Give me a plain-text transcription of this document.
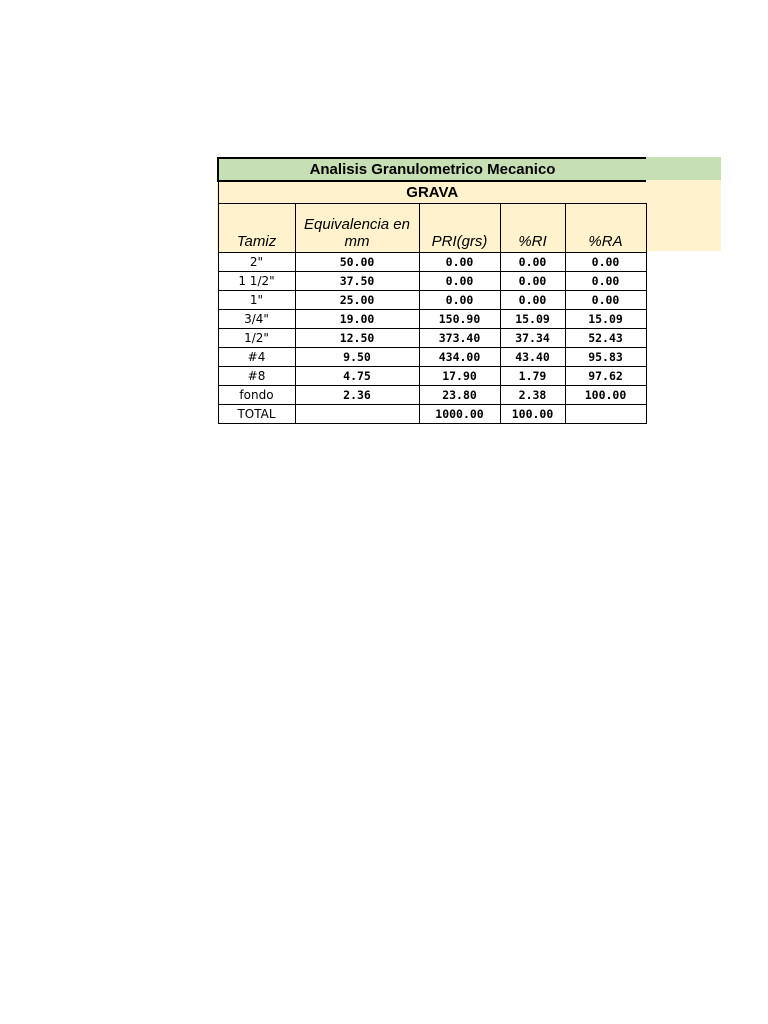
Analisis Granulometrico Mecanico				
GRAVA				
Tamiz	Equivalencia en mm	PRI(grs)	%RI	%RA
2"	50.00	0.00	0.00	0.00
1 1/2"	37.50	0.00	0.00	0.00
1"	25.00	0.00	0.00	0.00
3/4"	19.00	150.90	15.09	15.09
1/2"	12.50	373.40	37.34	52.43
#4	9.50	434.00	43.40	95.83
#8	4.75	17.90	1.79	97.62
fondo	2.36	23.80	2.38	100.00
TOTAL		1000.00	100.00	
